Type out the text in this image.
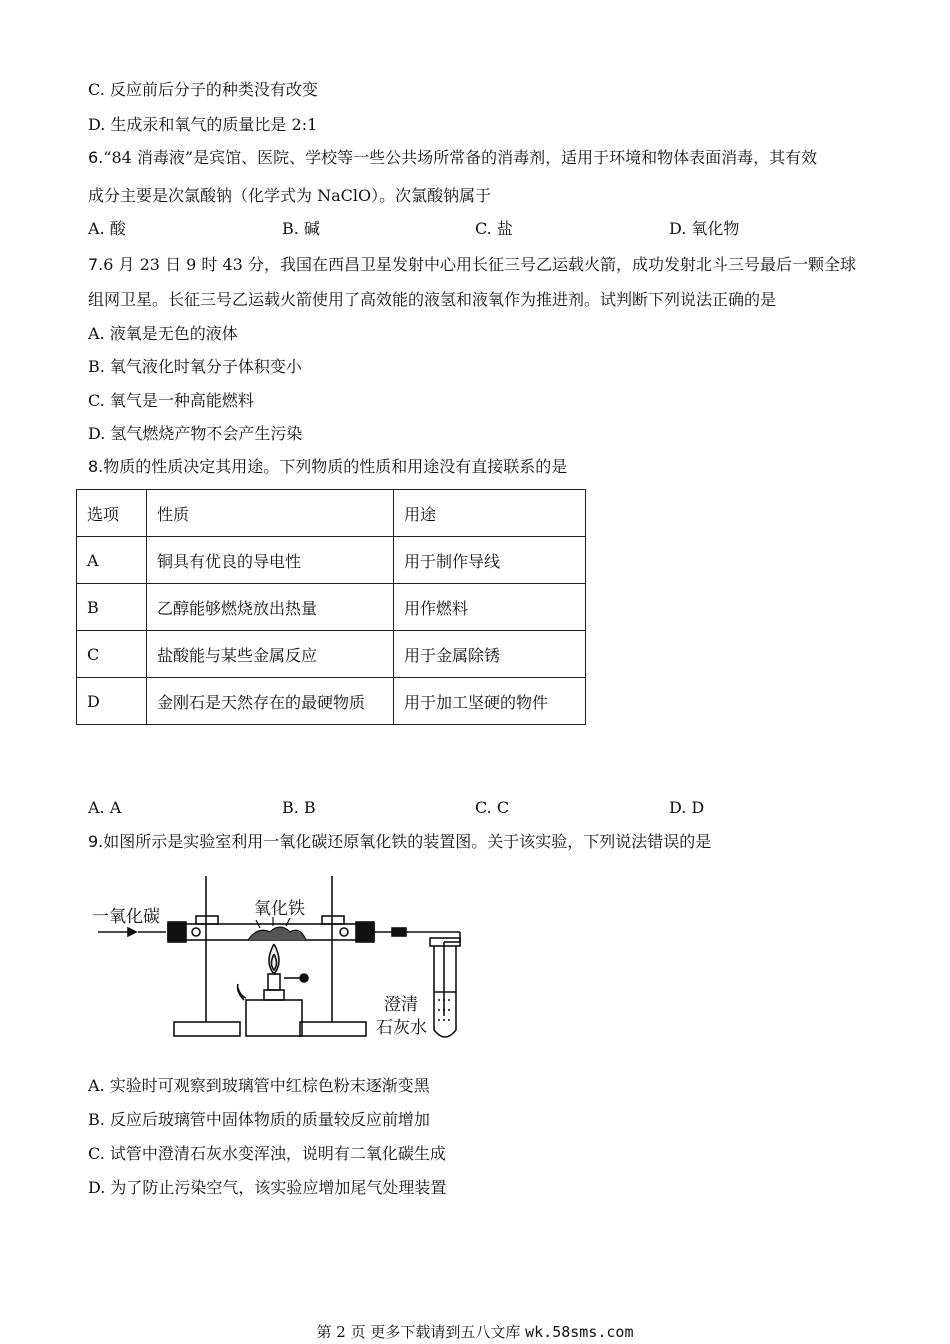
C. 反应前后分子的种类没有改变
D. 生成汞和氧气的质量比是 2:1
6.“84 消毒液”是宾馆、医院、学校等一些公共场所常备的消毒剂，适用于环境和物体表面消毒，其有效
成分主要是次氯酸钠（化学式为 NaClO）。次氯酸钠属于
A. 酸	B. 碱	C. 盐	D. 氧化物
7.6 月 23 日 9 时 43 分，我国在西昌卫星发射中心用长征三号乙运载火箭，成功发射北斗三号最后一颗全球
组网卫星。长征三号乙运载火箭使用了高效能的液氢和液氧作为推进剂。试判断下列说法正确的是
A. 液氧是无色的液体
B. 氧气液化时氧分子体积变小
C. 氧气是一种高能燃料
D. 氢气燃烧产物不会产生污染
8.物质的性质决定其用途。下列物质的性质和用途没有直接联系的是
选项	性质	用途
A	铜具有优良的导电性	用于制作导线
B	乙醇能够燃烧放出热量	用作燃料
C	盐酸能与某些金属反应	用于金属除锈
D	金刚石是天然存在的最硬物质	用于加工坚硬的物件
A. A	B. B	C. C	D. D
9.如图所示是实验室利用一氧化碳还原氧化铁的装置图。关于该实验，下列说法错误的是
一氧化碳	氧化铁
澄清
石灰水
A. 实验时可观察到玻璃管中红棕色粉末逐渐变黑
B. 反应后玻璃管中固体物质的质量较反应前增加
C. 试管中澄清石灰水变浑浊，说明有二氧化碳生成
D. 为了防止污染空气，该实验应增加尾气处理装置
第 2 页 更多下载请到五八文库 wk.58sms.com
